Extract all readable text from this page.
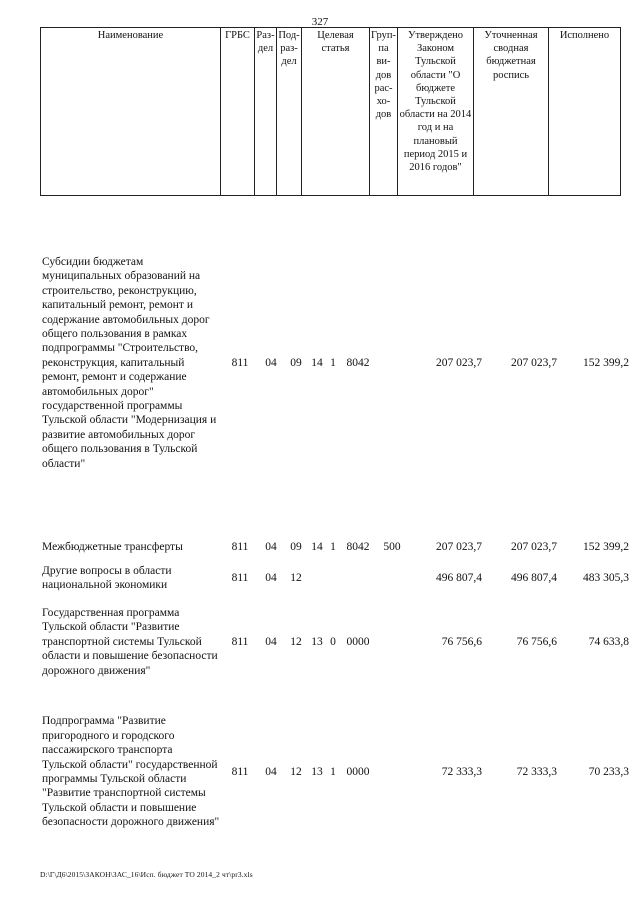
327
Наименование	ГРБС	Раз-дел	Под-раз-дел	Целевая статья	Груп-па ви-дов рас-хо-дов	Утверждено Законом Тульской области "О бюджете Тульской области на 2014 год и на плановый период 2015 и 2016 годов"	Уточненная сводная бюджетная роспись	Исполнено
Субсидии бюджетам муниципальных образований на строительство, реконструкцию, капитальный ремонт, ремонт и содержание автомобильных дорог общего пользования в рамках подпрограммы "Строительство, реконструкция, капитальный ремонт, ремонт и содержание автомобильных дорог" государственной программы Тульской области "Модернизация и развитие автомобильных дорог общего пользования в Тульской области"	811	04	09	14	1	8042		207 023,7	207 023,7	152 399,2
Межбюджетные трансферты	811	04	09	14	1	8042	500	207 023,7	207 023,7	152 399,2
Другие вопросы в области национальной экономики	811	04	12					496 807,4	496 807,4	483 305,3
Государственная программа Тульской области "Развитие транспортной системы Тульской области и повышение безопасности дорожного движения"	811	04	12	13	0	0000		76 756,6	76 756,6	74 633,8
Подпрограмма "Развитие пригородного и городского пассажирского транспорта Тульской области" государственной программы Тульской области "Развитие транспортной системы Тульской области и повышение безопасности дорожного движения"	811	04	12	13	1	0000		72 333,3	72 333,3	70 233,3
D:\Г\Д6\2015\ЗАКОН\ЗАС_16\Исп. бюджет ТО 2014_2 чт\рr3.xls
